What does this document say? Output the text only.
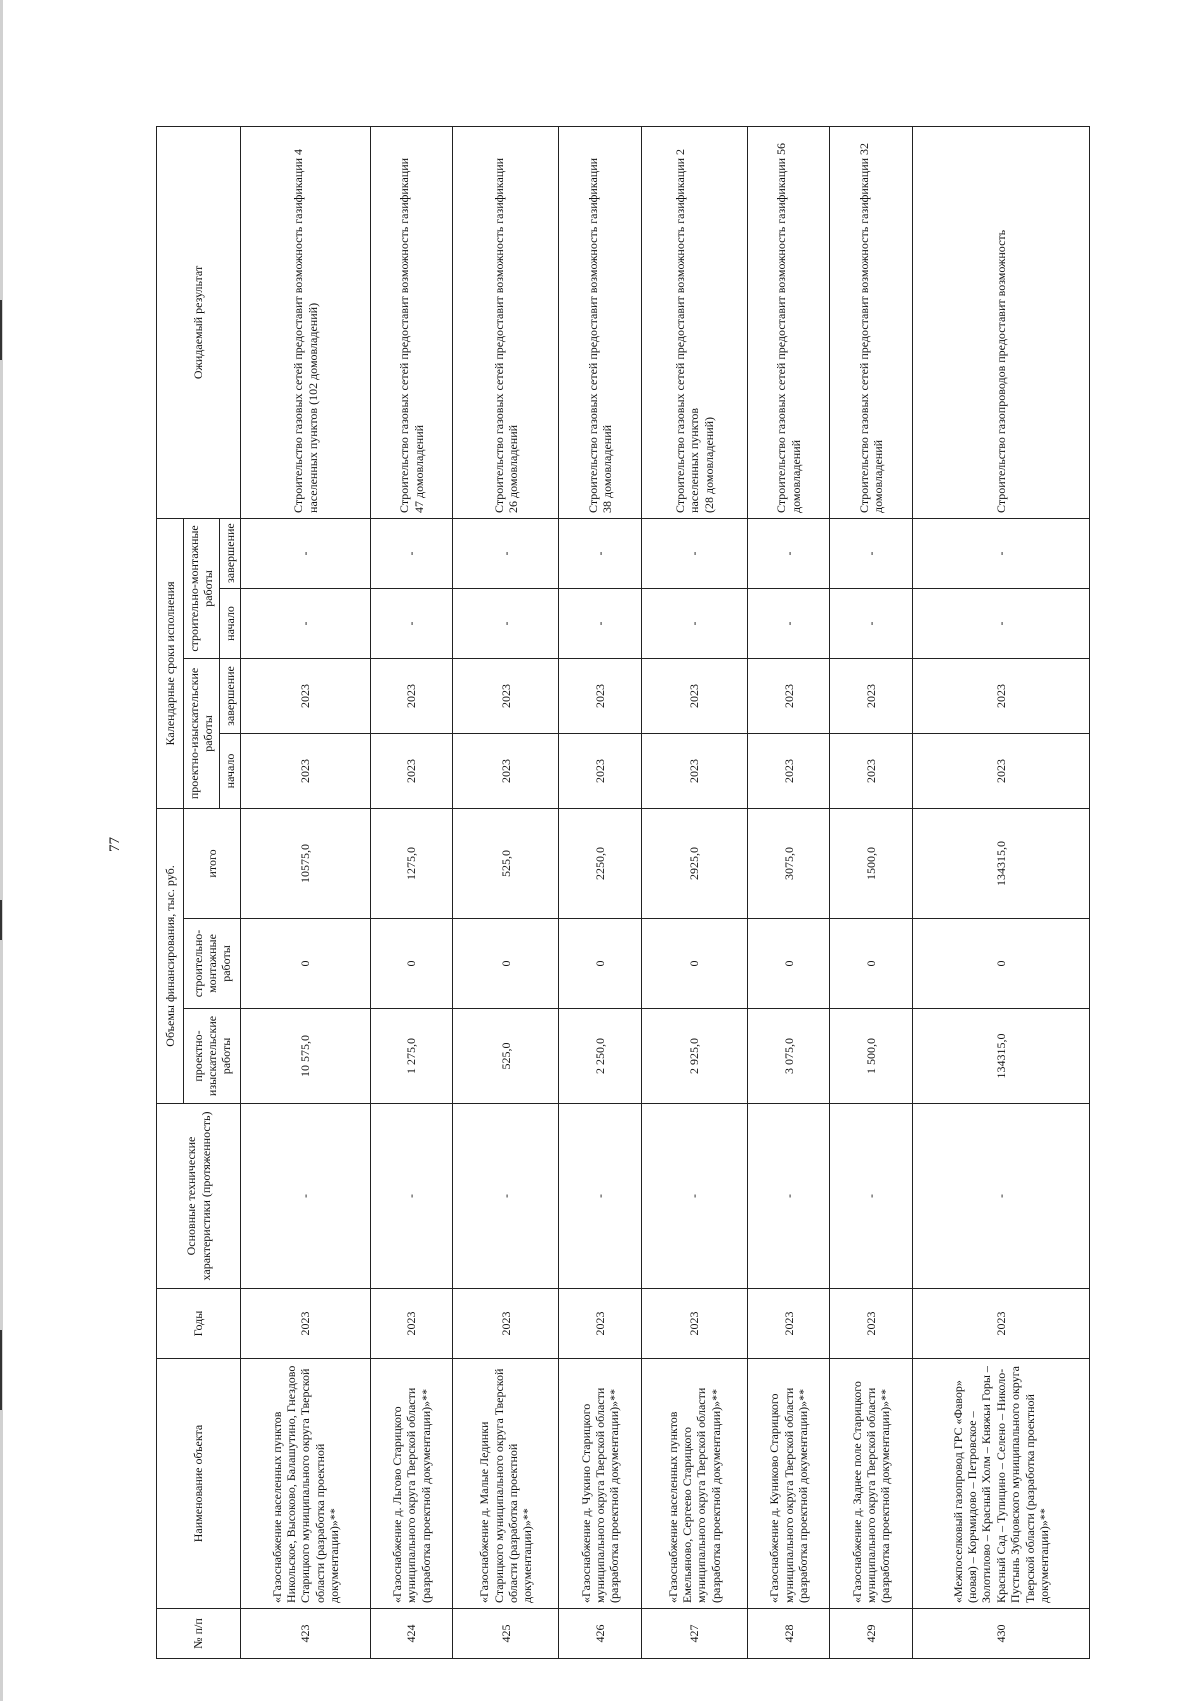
77
№ п/п	Наименование объекта	Годы	Основные технические характеристики (протяженность)	Объемы финансирования, тыс. руб.			Календарные сроки исполнения				Ожидаемый результат
				проектно-изыскательские работы	строительно-монтажные работы	итого	проектно-изыскательские работы		строительно-монтажные работы		
							начало	завершение	начало	завершение	
423	«Газоснабжение населенных пунктов Никольское, Высоково, Балашутино, Гнездово Старицкого муниципального округа Тверской области (разработка проектной документации)»**	2023	-	10 575,0	0	10575,0	2023	2023	-	-	Строительство газовых сетей предоставит возможность газификации 4 населенных пунктов (102 домовладений)
424	«Газоснабжение д. Льгово Старицкого муниципального округа Тверской области (разработка проектной документации)»**	2023	-	1 275,0	0	1275,0	2023	2023	-	-	Строительство газовых сетей предоставит возможность газификации
47 домовладений
425	«Газоснабжение д. Малые Лединки Старицкого муниципального округа Тверской области (разработка проектной документации)»**	2023	-	525,0	0	525,0	2023	2023	-	-	Строительство газовых сетей предоставит возможность газификации
26 домовладений
426	«Газоснабжение д. Чукино Старицкого муниципального округа Тверской области (разработка проектной документации)»**	2023	-	2 250,0	0	2250,0	2023	2023	-	-	Строительство газовых сетей предоставит возможность газификации
38 домовладений
427	«Газоснабжение населенных пунктов Емельяново, Сергеево Старицкого муниципального округа Тверской области (разработка проектной документации)»**	2023	-	2 925,0	0	2925,0	2023	2023	-	-	Строительство газовых сетей предоставит возможность газификации 2 населенных пунктов
(28 домовладений)
428	«Газоснабжение д. Куниково Старицкого муниципального округа Тверской области (разработка проектной документации)»**	2023	-	3 075,0	0	3075,0	2023	2023	-	-	Строительство газовых сетей предоставит возможность газификации 56 домовладений
429	«Газоснабжение д. Заднее поле Старицкого муниципального округа Тверской области (разработка проектной документации)»**	2023	-	1 500,0	0	1500,0	2023	2023	-	-	Строительство газовых сетей предоставит возможность газификации 32 домовладений
430	«Межпоселковый газопровод ГРС «Фавор» (новая) – Корчмидово – Петровское – Золотилово – Красный Холм – Княжьи Горы – Красный Сад – Тупицино – Селено – Николо-Пустынь Зубцовского муниципального округа Тверской области (разработка проектной документации)»**	2023	-	134315,0	0	134315,0	2023	2023	-	-	Строительство газопроводов предоставит возможность
